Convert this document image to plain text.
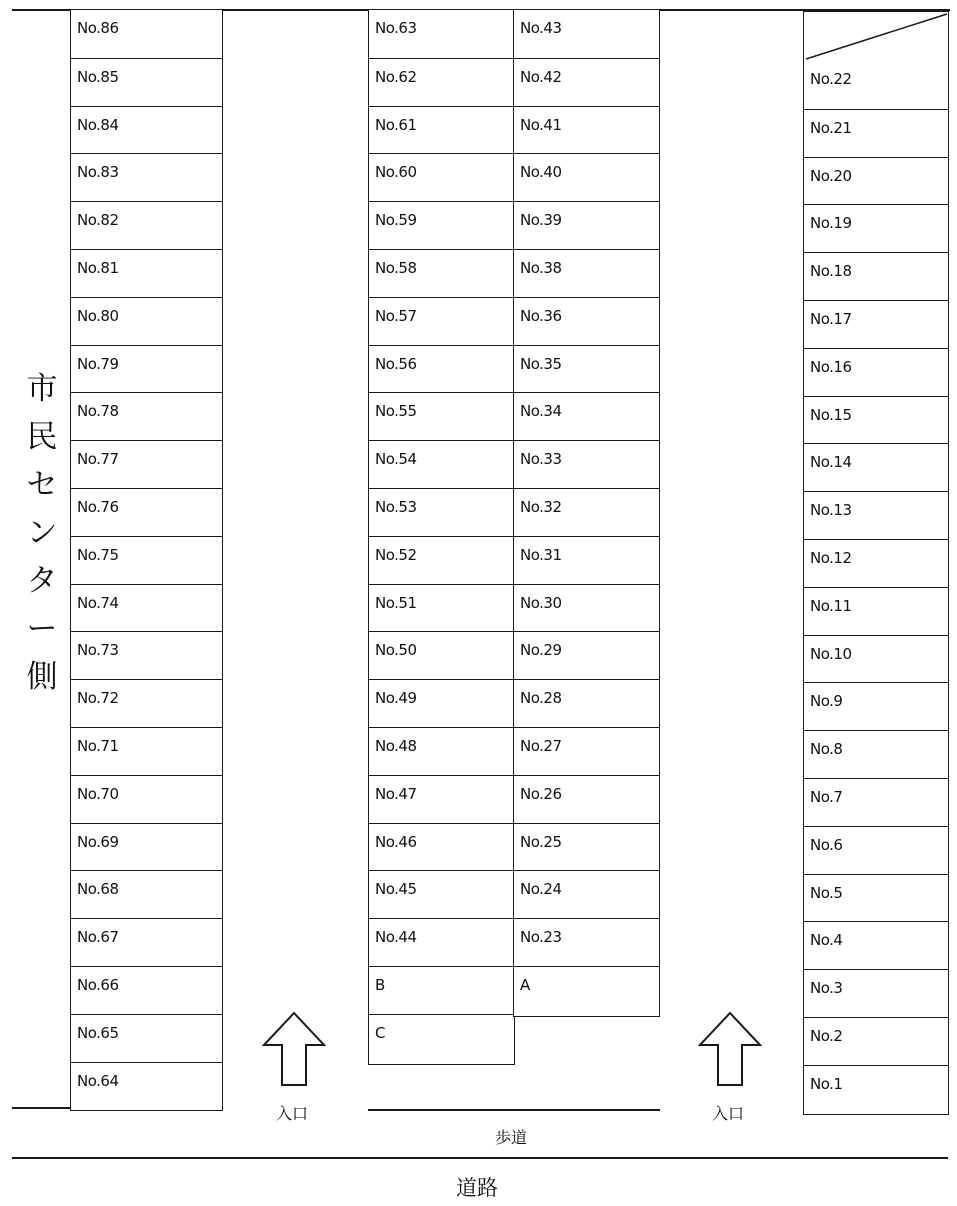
No.86
No.85
No.84
No.83
No.82
No.81
No.80
No.79
No.78
No.77
No.76
No.75
No.74
No.73
No.72
No.71
No.70
No.69
No.68
No.67
No.66
No.65
No.64
No.63
No.62
No.61
No.60
No.59
No.58
No.57
No.56
No.55
No.54
No.53
No.52
No.51
No.50
No.49
No.48
No.47
No.46
No.45
No.44
B
C
No.43
No.42
No.41
No.40
No.39
No.38
No.36
No.35
No.34
No.33
No.32
No.31
No.30
No.29
No.28
No.27
No.26
No.25
No.24
No.23
A
No.22
No.21
No.20
No.19
No.18
No.17
No.16
No.15
No.14
No.13
No.12
No.11
No.10
No.9
No.8
No.7
No.6
No.5
No.4
No.3
No.2
No.1
市
民
セ
ン
タ
ー
側
入口	入口
歩道
道路
